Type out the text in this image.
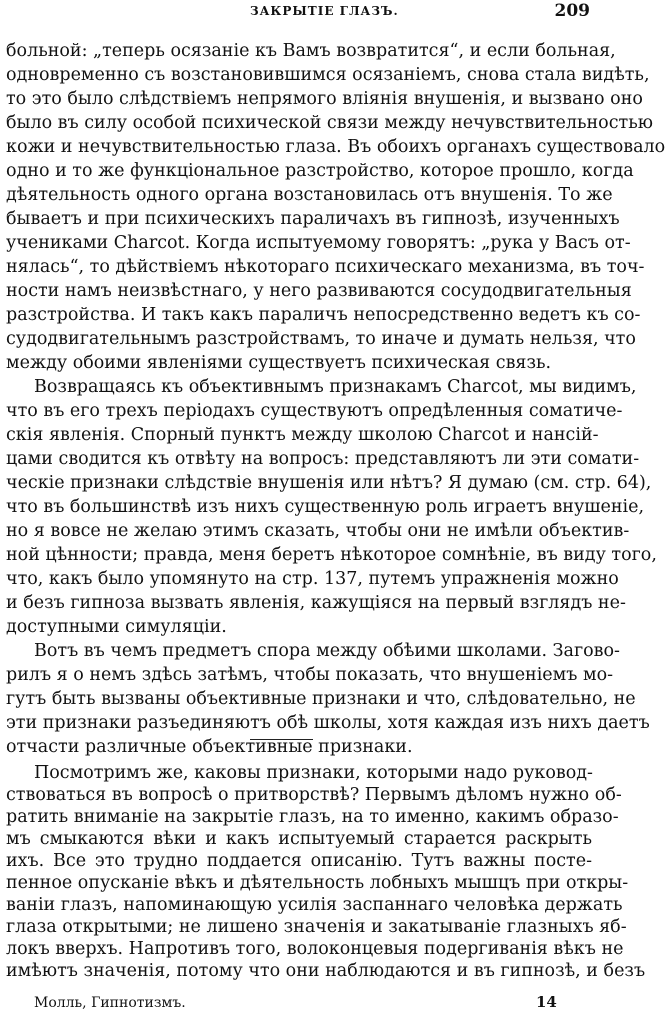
ЗАКРЫТІЕ ГЛАЗЪ.	209
больной: „теперь осязаніе къ Вамъ возвратится“, и если больная,
одновременно съ возстановившимся осязаніемъ, снова стала видѣть,
то это было слѣдствіемъ непрямого вліянія внушенія, и вызвано оно
было въ силу особой психической связи между нечувствительностью
кожи и нечувствительностью глаза. Въ обоихъ органахъ существовало
одно и то же функціональное разстройство, которое прошло, когда
дѣятельность одного органа возстановилась отъ внушенія. То же
бываетъ и при психическихъ параличахъ въ гипнозѣ, изученныхъ
учениками Charcot. Когда испытуемому говорятъ: „рука у Васъ от-
нялась“, то дѣйствіемъ нѣкотораго психическаго механизма, въ точ-
ности намъ неизвѣстнаго, у него развиваются сосудодвигательныя
разстройства. И такъ какъ параличъ непосредственно ведетъ къ со-
судодвигательнымъ разстройствамъ, то иначе и думать нельзя, что
между обоими явленіями существуетъ психическая связь.
Возвращаясь къ объективнымъ признакамъ Charcot, мы видимъ,
что въ его трехъ періодахъ существуютъ опредѣленныя соматиче-
скія явленія. Спорный пунктъ между школою Charcot и нансій-
цами сводится къ отвѣту на вопросъ: представляютъ ли эти сомати-
ческіе признаки слѣдствіе внушенія или нѣтъ? Я думаю (см. стр. 64),
что въ большинствѣ изъ нихъ существенную роль играетъ внушеніе,
но я вовсе не желаю этимъ сказать, чтобы они не имѣли объектив-
ной цѣнности; правда, меня беретъ нѣкоторое сомнѣніе, въ виду того,
что, какъ было упомянуто на стр. 137, путемъ упражненія можно
и безъ гипноза вызвать явленія, кажущіяся на первый взглядъ не-
доступными симуляціи.
Вотъ въ чемъ предметъ спора между обѣими школами. Загово-
рилъ я о немъ здѣсь затѣмъ, чтобы показать, что внушеніемъ мо-
гутъ быть вызваны объективные признаки и что, слѣдовательно, не
эти признаки разъединяютъ обѣ школы, хотя каждая изъ нихъ даетъ
отчасти различные объективные признаки.
Посмотримъ же, каковы признаки, которыми надо руковод-
ствоваться въ вопросѣ о притворствѣ? Первымъ дѣломъ нужно об-
ратить вниманіе на закрытіе глазъ, на то именно, какимъ образо-
мъ смыкаются вѣки и какъ испытуемый старается раскрыть
ихъ. Все это трудно поддается описанію. Тутъ важны посте-
пенное опусканіе вѣкъ и дѣятельность лобныхъ мышцъ при откры-
ваніи глазъ, напоминающую усилія заспаннаго человѣка держать
глаза открытыми; не лишено значенія и закатываніе глазныхъ яб-
локъ вверхъ. Напротивъ того, волоконцевыя подергиванія вѣкъ не
имѣютъ значенія, потому что они наблюдаются и въ гипнозѣ, и безъ
Молль, Гипнотизмъ.	14
